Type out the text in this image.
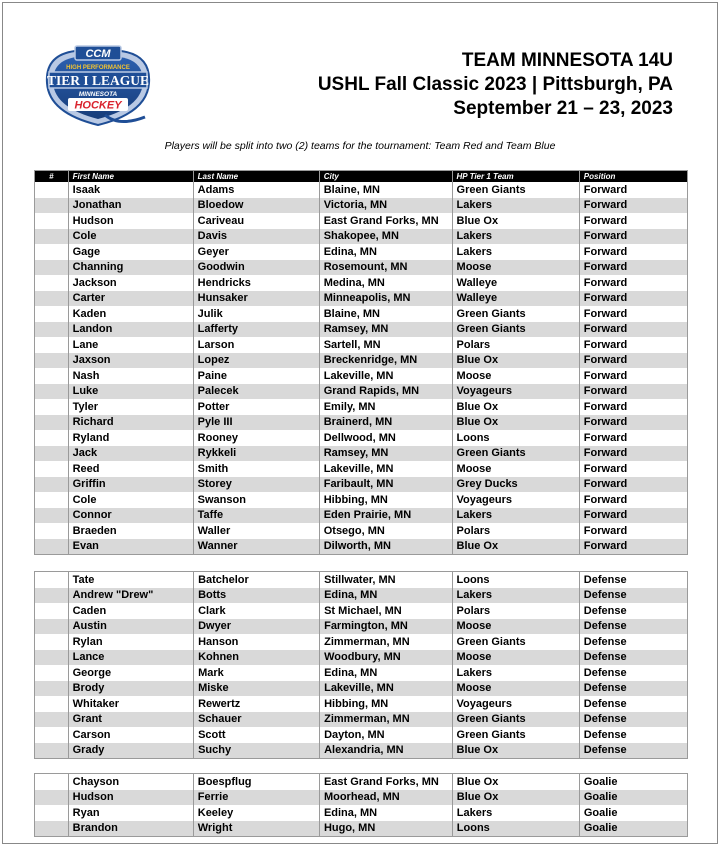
CCM
HIGH PERFORMANCE
TIER I LEAGUE
MINNESOTA
HOCKEY
TEAM MINNESOTA 14U
USHL Fall Classic 2023 | Pittsburgh, PA
September 21 – 23, 2023
Players will be split into two (2) teams for the tournament: Team Red and Team Blue
#	First Name	Last Name	City	HP Tier 1 Team	Position
	Isaak	Adams	Blaine, MN	Green Giants	Forward
	Jonathan	Bloedow	Victoria, MN	Lakers	Forward
	Hudson	Cariveau	East Grand Forks, MN	Blue Ox	Forward
	Cole	Davis	Shakopee, MN	Lakers	Forward
	Gage	Geyer	Edina, MN	Lakers	Forward
	Channing	Goodwin	Rosemount, MN	Moose	Forward
	Jackson	Hendricks	Medina, MN	Walleye	Forward
	Carter	Hunsaker	Minneapolis, MN	Walleye	Forward
	Kaden	Julik	Blaine, MN	Green Giants	Forward
	Landon	Lafferty	Ramsey, MN	Green Giants	Forward
	Lane	Larson	Sartell, MN	Polars	Forward
	Jaxson	Lopez	Breckenridge, MN	Blue Ox	Forward
	Nash	Paine	Lakeville, MN	Moose	Forward
	Luke	Palecek	Grand Rapids, MN	Voyageurs	Forward
	Tyler	Potter	Emily, MN	Blue Ox	Forward
	Richard	Pyle III	Brainerd, MN	Blue Ox	Forward
	Ryland	Rooney	Dellwood, MN	Loons	Forward
	Jack	Rykkeli	Ramsey, MN	Green Giants	Forward
	Reed	Smith	Lakeville, MN	Moose	Forward
	Griffin	Storey	Faribault, MN	Grey Ducks	Forward
	Cole	Swanson	Hibbing, MN	Voyageurs	Forward
	Connor	Taffe	Eden Prairie, MN	Lakers	Forward
	Braeden	Waller	Otsego, MN	Polars	Forward
	Evan	Wanner	Dilworth, MN	Blue Ox	Forward
	Tate	Batchelor	Stillwater, MN	Loons	Defense
	Andrew "Drew"	Botts	Edina, MN	Lakers	Defense
	Caden	Clark	St Michael, MN	Polars	Defense
	Austin	Dwyer	Farmington, MN	Moose	Defense
	Rylan	Hanson	Zimmerman, MN	Green Giants	Defense
	Lance	Kohnen	Woodbury, MN	Moose	Defense
	George	Mark	Edina, MN	Lakers	Defense
	Brody	Miske	Lakeville, MN	Moose	Defense
	Whitaker	Rewertz	Hibbing, MN	Voyageurs	Defense
	Grant	Schauer	Zimmerman, MN	Green Giants	Defense
	Carson	Scott	Dayton, MN	Green Giants	Defense
	Grady	Suchy	Alexandria, MN	Blue Ox	Defense
	Chayson	Boespflug	East Grand Forks, MN	Blue Ox	Goalie
	Hudson	Ferrie	Moorhead, MN	Blue Ox	Goalie
	Ryan	Keeley	Edina, MN	Lakers	Goalie
	Brandon	Wright	Hugo, MN	Loons	Goalie
